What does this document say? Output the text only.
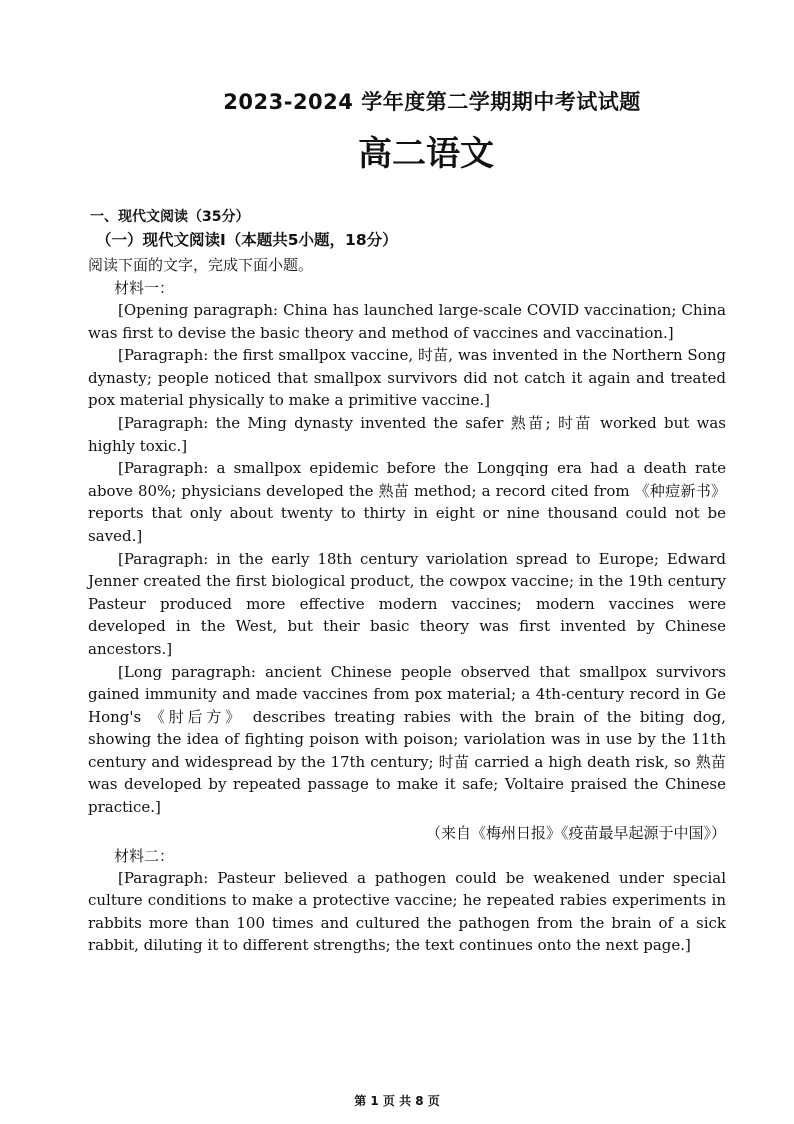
2023-2024 学年度第二学期期中考试试题
高二语文
一、现代文阅读（35分）
（一）现代文阅读Ⅰ（本题共5小题，18分）
阅读下面的文字，完成下面小题。
材料一：

[Opening paragraph: China has launched large-scale COVID vaccination; China was first to devise the basic theory and method of vaccines and vaccination.]

[Paragraph: the first smallpox vaccine, 时苗, was invented in the Northern Song dynasty; people noticed that smallpox survivors did not catch it again and treated pox material physically to make a primitive vaccine.]

[Paragraph: the Ming dynasty invented the safer 熟苗; 时苗 worked but was highly toxic.]

[Paragraph: a smallpox epidemic before the Longqing era had a death rate above 80%; physicians developed the 熟苗 method; a record cited from 《种痘新书》 reports that only about twenty to thirty in eight or nine thousand could not be saved.]

[Paragraph: in the early 18th century variolation spread to Europe; Edward Jenner created the first biological product, the cowpox vaccine; in the 19th century Pasteur produced more effective modern vaccines; modern vaccines were developed in the West, but their basic theory was first invented by Chinese ancestors.]

[Long paragraph: ancient Chinese people observed that smallpox survivors gained immunity and made vaccines from pox material; a 4th-century record in Ge Hong's 《肘后方》 describes treating rabies with the brain of the biting dog, showing the idea of fighting poison with poison; variolation was in use by the 11th century and widespread by the 17th century; 时苗 carried a high death risk, so 熟苗 was developed by repeated passage to make it safe; Voltaire praised the Chinese practice.]

（来自《梅州日报》《疫苗最早起源于中国》）
材料二：

[Paragraph: Pasteur believed a pathogen could be weakened under special culture conditions to make a protective vaccine; he repeated rabies experiments in rabbits more than 100 times and cultured the pathogen from the brain of a sick rabbit, diluting it to different strengths; the text continues onto the next page.]

第 1 页 共 8 页
